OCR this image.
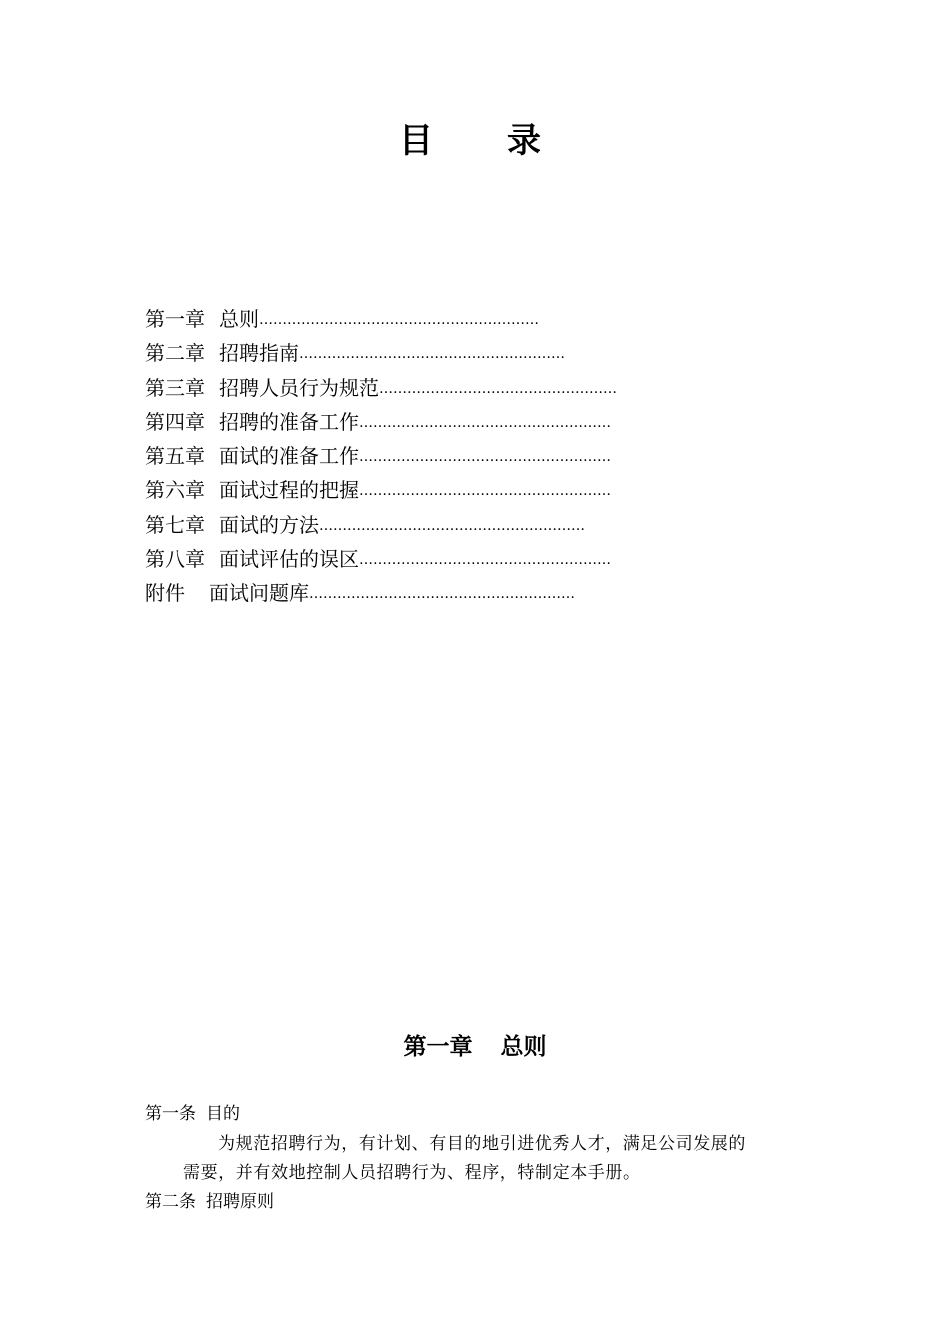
目　录
第一章 总则……………………………………………………
第二章 招聘指南…………………………………………………
第三章 招聘人员行为规范……………………………………………
第四章 招聘的准备工作………………………………………………
第五章 面试的准备工作………………………………………………
第六章 面试过程的把握………………………………………………
第七章 面试的方法…………………………………………………
第八章 面试评估的误区………………………………………………
附件 面试问题库…………………………………………………
第一章 总则
第一条 目的
为规范招聘行为，有计划、有目的地引进优秀人才，满足公司发展的
需要，并有效地控制人员招聘行为、程序，特制定本手册。
第二条 招聘原则
